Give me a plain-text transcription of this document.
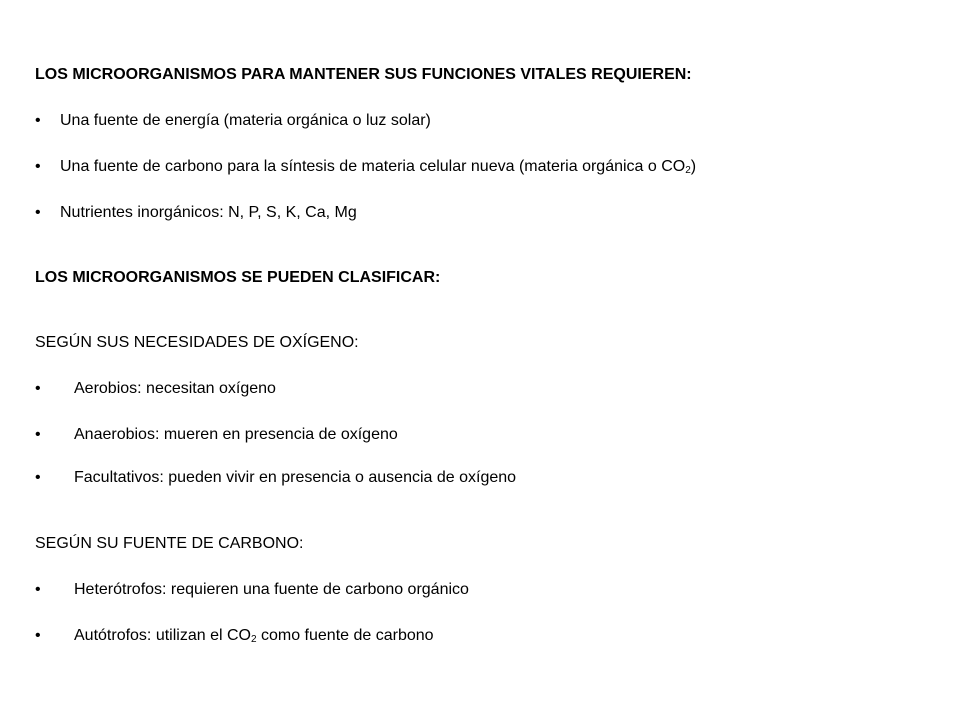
LOS MICROORGANISMOS PARA MANTENER SUS FUNCIONES VITALES REQUIEREN:
• Una fuente de energía (materia orgánica o luz solar)
• Una fuente de carbono para la síntesis de materia celular nueva (materia orgánica o $CO_2$)
• Nutrientes inorgánicos: N, P, S, K, Ca, Mg
LOS MICROORGANISMOS SE PUEDEN CLASIFICAR:
SEGÚN SUS NECESIDADES DE OXÍGENO:
• Aerobios: necesitan oxígeno
• Anaerobios: mueren en presencia de oxígeno
• Facultativos: pueden vivir en presencia o ausencia de oxígeno
SEGÚN SU FUENTE DE CARBONO:
• Heterótrofos: requieren una fuente de carbono orgánico
• Autótrofos: utilizan el $CO_2$ como fuente de carbono
